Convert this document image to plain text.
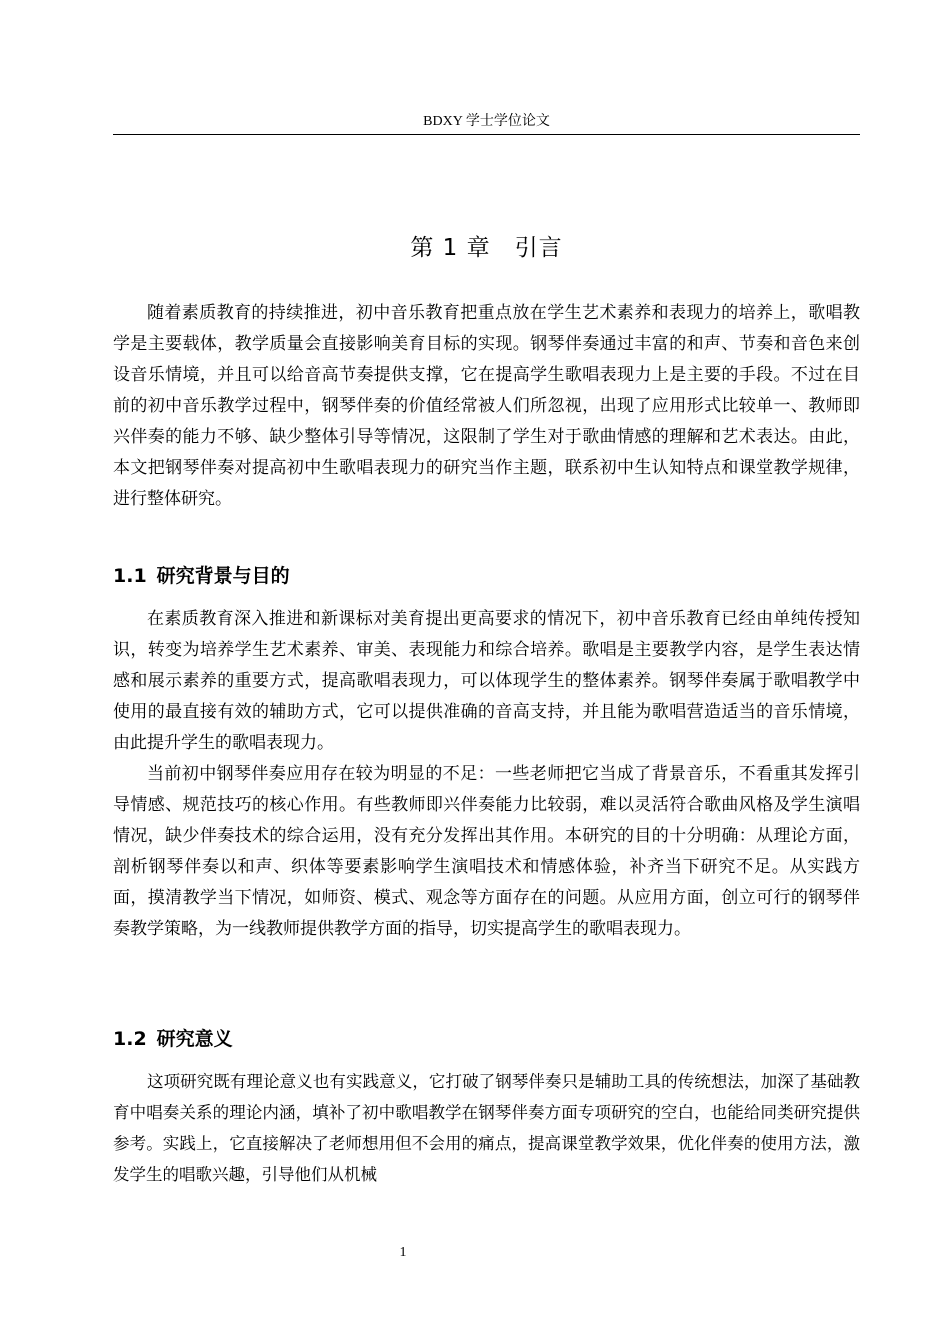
BDXY 学士学位论文
第 1 章 引言

随着素质教育的持续推进，初中音乐教育把重点放在学生艺术素养和表现力的培养上，歌唱教学是主要载体，教学质量会直接影响美育目标的实现。钢琴伴奏通过丰富的和声、节奏和音色来创设音乐情境，并且可以给音高节奏提供支撑，它在提高学生歌唱表现力上是主要的手段。不过在目前的初中音乐教学过程中，钢琴伴奏的价值经常被人们所忽视，出现了应用形式比较单一、教师即兴伴奏的能力不够、缺少整体引导等情况，这限制了学生对于歌曲情感的理解和艺术表达。由此，本文把钢琴伴奏对提高初中生歌唱表现力的研究当作主题，联系初中生认知特点和课堂教学规律，进行整体研究。

1.1 研究背景与目的

在素质教育深入推进和新课标对美育提出更高要求的情况下，初中音乐教育已经由单纯传授知识，转变为培养学生艺术素养、审美、表现能力和综合培养。歌唱是主要教学内容，是学生表达情感和展示素养的重要方式，提高歌唱表现力，可以体现学生的整体素养。钢琴伴奏属于歌唱教学中使用的最直接有效的辅助方式，它可以提供准确的音高支持，并且能为歌唱营造适当的音乐情境，由此提升学生的歌唱表现力。

当前初中钢琴伴奏应用存在较为明显的不足：一些老师把它当成了背景音乐，不看重其发挥引导情感、规范技巧的核心作用。有些教师即兴伴奏能力比较弱，难以灵活符合歌曲风格及学生演唱情况，缺少伴奏技术的综合运用，没有充分发挥出其作用。本研究的目的十分明确：从理论方面，剖析钢琴伴奏以和声、织体等要素影响学生演唱技术和情感体验，补齐当下研究不足。从实践方面，摸清教学当下情况，如师资、模式、观念等方面存在的问题。从应用方面，创立可行的钢琴伴奏教学策略，为一线教师提供教学方面的指导，切实提高学生的歌唱表现力。

1.2 研究意义

这项研究既有理论意义也有实践意义，它打破了钢琴伴奏只是辅助工具的传统想法，加深了基础教育中唱奏关系的理论内涵，填补了初中歌唱教学在钢琴伴奏方面专项研究的空白，也能给同类研究提供参考。实践上，它直接解决了老师想用但不会用的痛点，提高课堂教学效果，优化伴奏的使用方法，激发学生的唱歌兴趣，引导他们从机械

1
